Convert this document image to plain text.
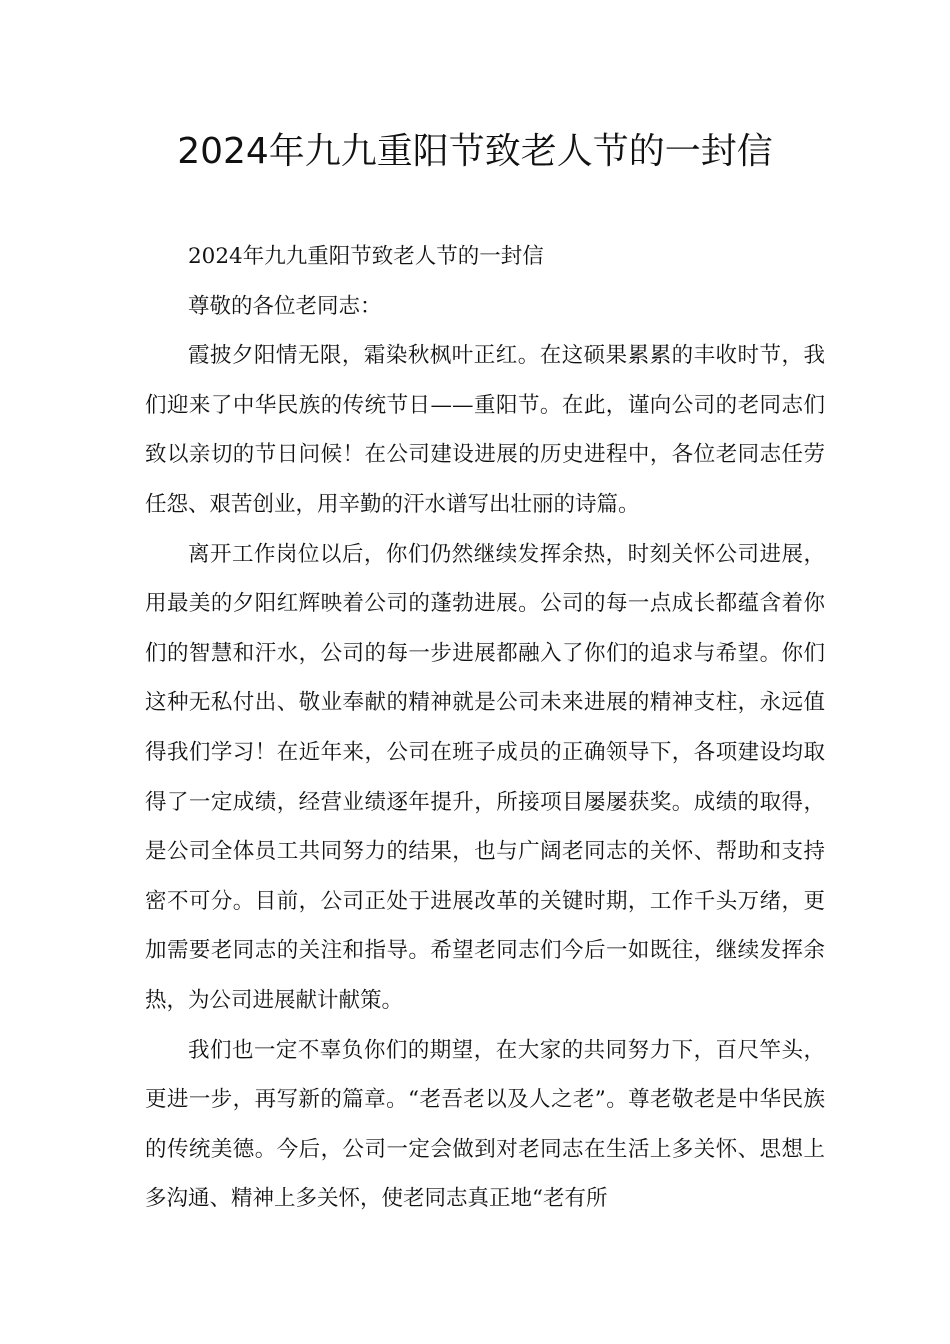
2024年九九重阳节致老人节的一封信

2024年九九重阳节致老人节的一封信

尊敬的各位老同志：

霞披夕阳情无限，霜染秋枫叶正红。在这硕果累累的丰收时节，我们迎来了中华民族的传统节日——重阳节。在此，谨向公司的老同志们致以亲切的节日问候！在公司建设进展的历史进程中，各位老同志任劳任怨、艰苦创业，用辛勤的汗水谱写出壮丽的诗篇。

离开工作岗位以后，你们仍然继续发挥余热，时刻关怀公司进展，用最美的夕阳红辉映着公司的蓬勃进展。公司的每一点成长都蕴含着你们的智慧和汗水，公司的每一步进展都融入了你们的追求与希望。你们这种无私付出、敬业奉献的精神就是公司未来进展的精神支柱，永远值得我们学习！在近年来，公司在班子成员的正确领导下，各项建设均取得了一定成绩，经营业绩逐年提升，所接项目屡屡获奖。成绩的取得，是公司全体员工共同努力的结果，也与广阔老同志的关怀、帮助和支持密不可分。目前，公司正处于进展改革的关键时期，工作千头万绪，更加需要老同志的关注和指导。希望老同志们今后一如既往，继续发挥余热，为公司进展献计献策。

我们也一定不辜负你们的期望，在大家的共同努力下，百尺竿头，更进一步，再写新的篇章。“老吾老以及人之老”。尊老敬老是中华民族的传统美德。今后，公司一定会做到对老同志在生活上多关怀、思想上多沟通、精神上多关怀，使老同志真正地“老有所
